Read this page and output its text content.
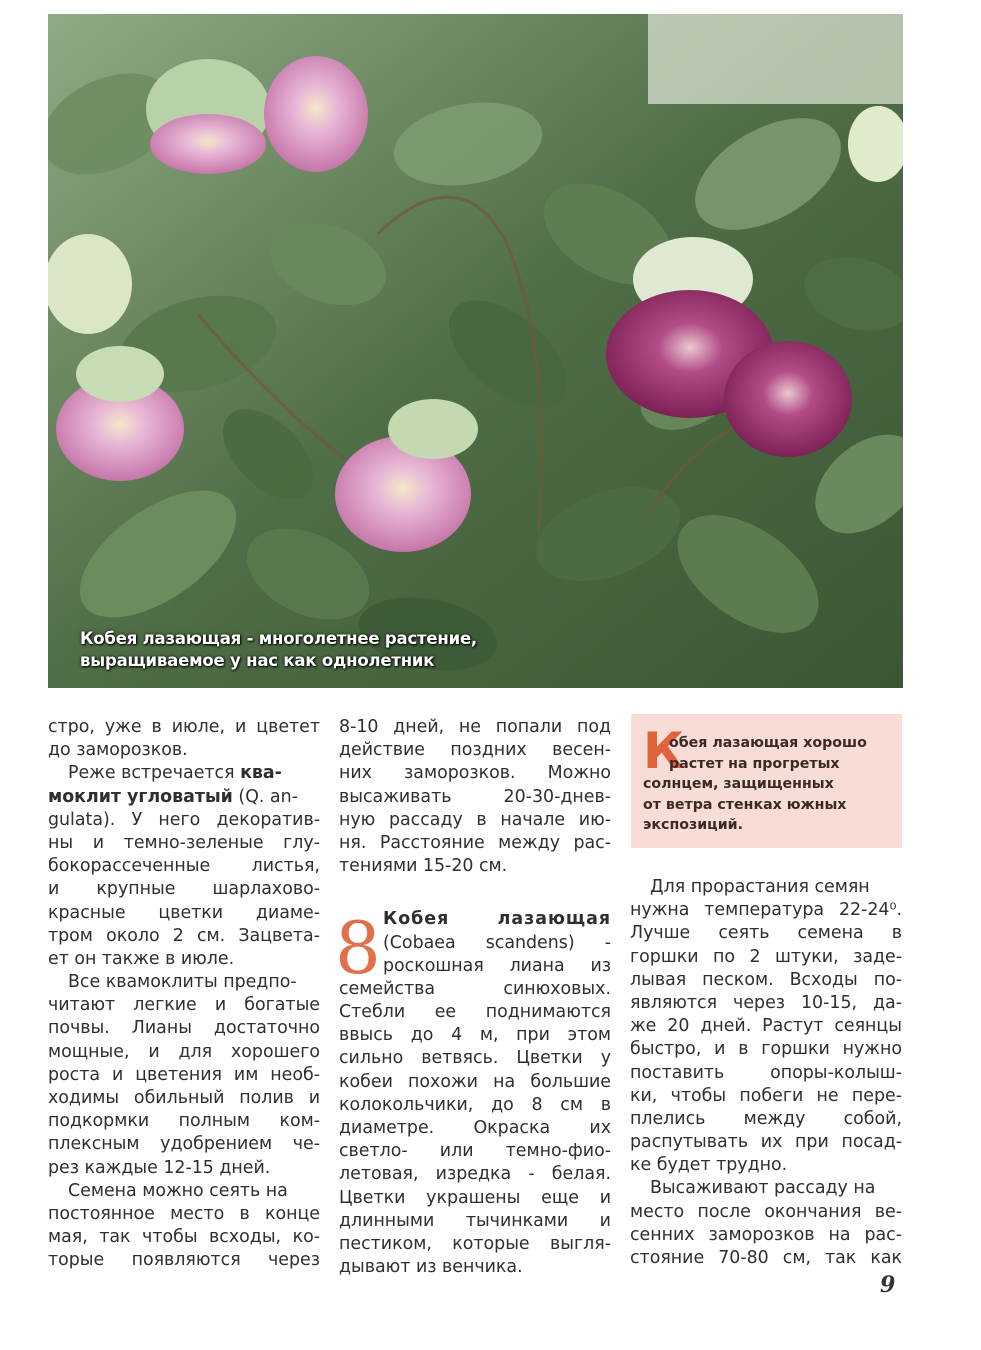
Кобея лазающая - многолетнее растение,
выращиваемое у нас как однолетник
стро, уже в июле, и цветет
до заморозков.
Реже встречается ква-
моклит угловатый (Q. an-
gulata). У него декоратив-
ны и темно-зеленые глу-
бокорассеченные листья,
и крупные шарлахово-
красные цветки диаме-
тром около 2 см. Зацвета-
ет он также в июле.
Все квамоклиты предпо-
читают легкие и богатые
почвы. Лианы достаточно
мощные, и для хорошего
роста и цветения им необ-
ходимы обильный полив и
подкормки полным ком-
плексным удобрением че-
рез каждые 12-15 дней.
Семена можно сеять на
постоянное место в конце
мая, так чтобы всходы, ко-
торые появляются через
8-10 дней, не попали под
действие поздних весен-
них заморозков. Можно
высаживать 20-30-днев-
ную рассаду в начале ию-
ня. Расстояние между рас-
тениями 15-20 см.
8 Кобея лазающая
(Cobaea scandens) -
роскошная лиана из
семейства синюховых.
Стебли ее поднимаются
ввысь до 4 м, при этом
сильно ветвясь. Цветки у
кобеи похожи на большие
колокольчики, до 8 см в
диаметре. Окраска их
светло- или темно-фио-
летовая, изредка - белая.
Цветки украшены еще и
длинными тычинками и
пестиком, которые выгля-
дывают из венчика.
К
обея лазающая хорошо
растет на прогретых
солнцем, защищенных
от ветра стенках южных
экспозиций.
Для прорастания семян
нужна температура 22-24⁰.
Лучше сеять семена в
горшки по 2 штуки, заде-
лывая песком. Всходы по-
являются через 10-15, да-
же 20 дней. Растут сеянцы
быстро, и в горшки нужно
поставить опоры-колыш-
ки, чтобы побеги не пере-
плелись между собой,
распутывать их при посад-
ке будет трудно.
Высаживают рассаду на
место после окончания ве-
сенних заморозков на рас-
стояние 70-80 см, так как
9
